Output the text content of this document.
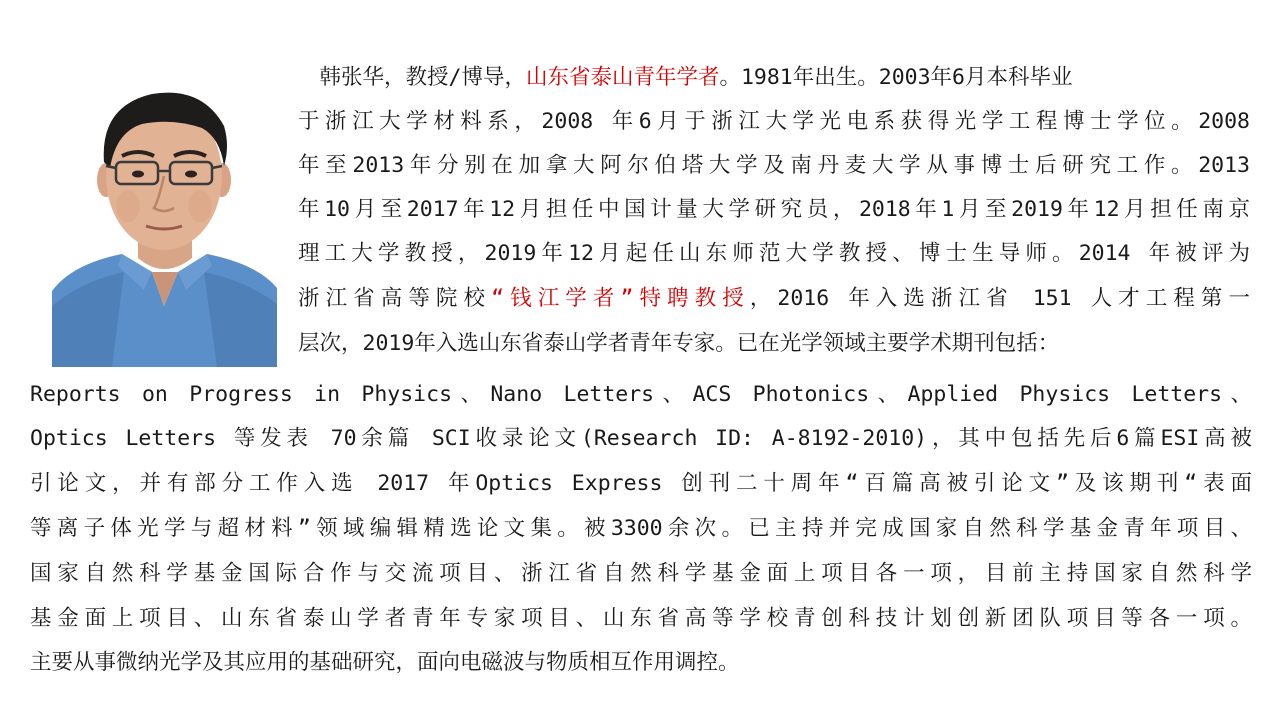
　韩张华，教授/博导，山东省泰山青年学者。1981年出生。2003年6月本科毕业
于浙江大学材料系，2008 年6月于浙江大学光电系获得光学工程博士学位。2008
年至2013年分别在加拿大阿尔伯塔大学及南丹麦大学从事博士后研究工作。2013
年10月至2017年12月担任中国计量大学研究员，2018年1月至2019年12月担任南京
理工大学教授，2019年12月起任山东师范大学教授、博士生导师。2014 年被评为
浙江省高等院校“钱江学者”特聘教授，2016 年入选浙江省 151 人才工程第一
层次，2019年入选山东省泰山学者青年专家。已在光学领域主要学术期刊包括：
Reports on Progress in Physics、Nano Letters、ACS Photonics、Applied Physics Letters、
Optics Letters 等发表 70余篇 SCI收录论文(Research ID: A-8192-2010)，其中包括先后6篇ESI高被
引论文，并有部分工作入选 2017 年Optics Express 创刊二十周年“百篇高被引论文”及该期刊“表面
等离子体光学与超材料”领域编辑精选论文集。被3300余次。已主持并完成国家自然科学基金青年项目、
国家自然科学基金国际合作与交流项目、浙江省自然科学基金面上项目各一项，目前主持国家自然科学
基金面上项目、山东省泰山学者青年专家项目、山东省高等学校青创科技计划创新团队项目等各一项。
主要从事微纳光学及其应用的基础研究，面向电磁波与物质相互作用调控。
